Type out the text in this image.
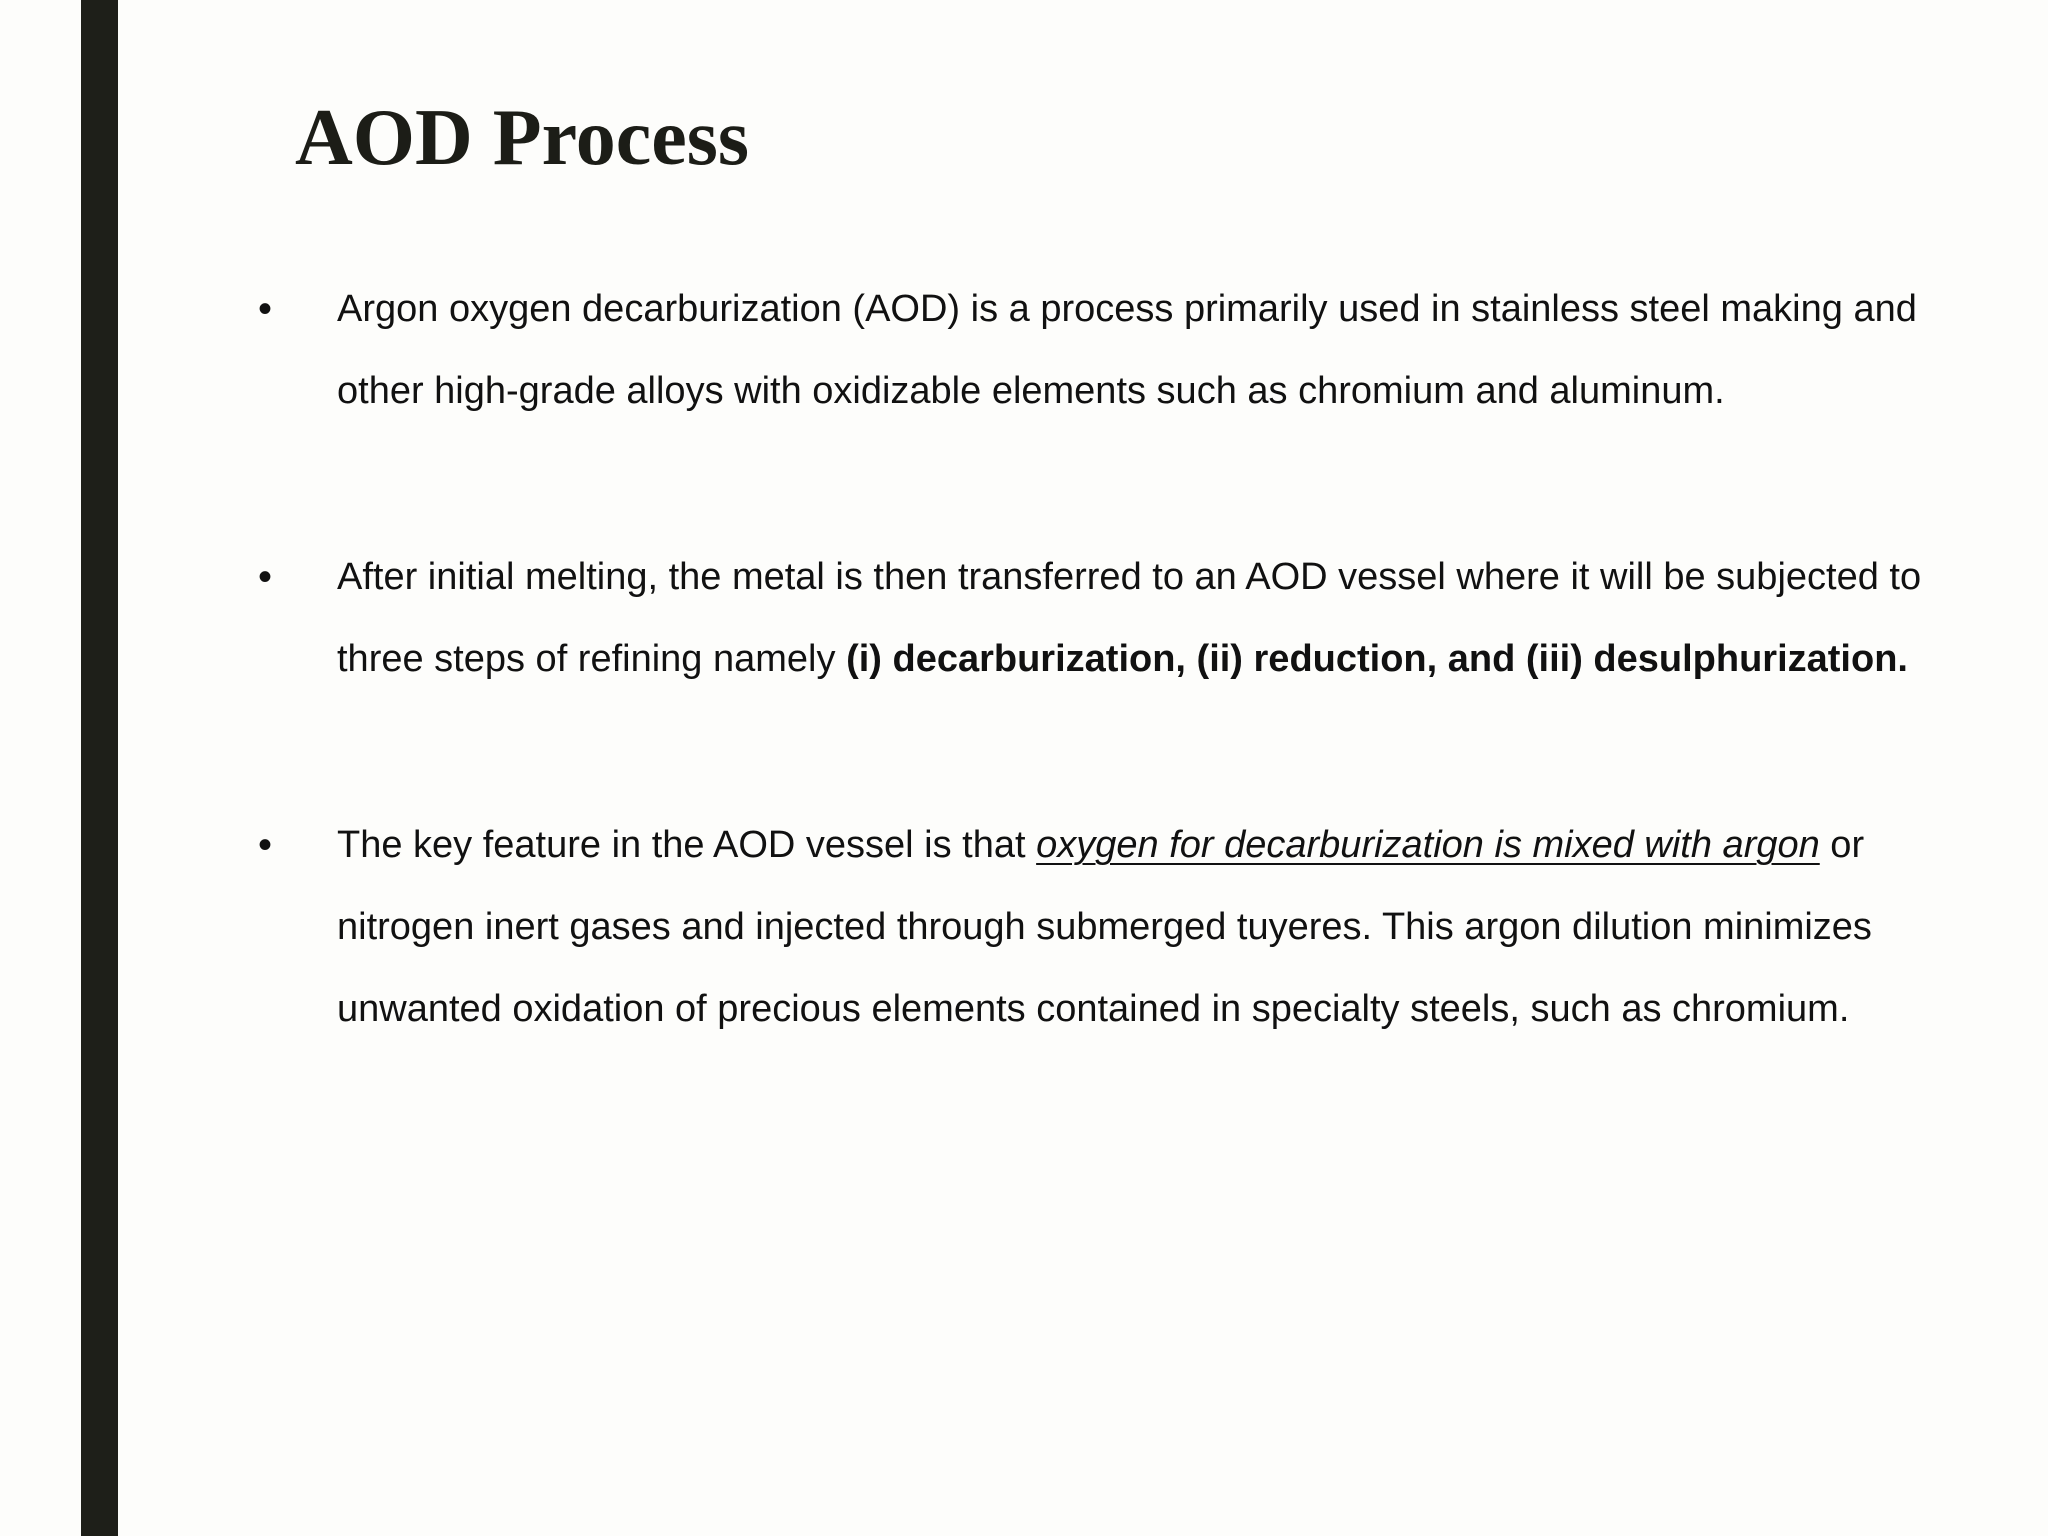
AOD Process
• Argon oxygen decarburization (AOD) is a process primarily used in stainless steel making and other high-grade alloys with oxidizable elements such as chromium and aluminum.

• After initial melting, the metal is then transferred to an AOD vessel where it will be subjected to three steps of refining namely (i) decarburization, (ii) reduction, and (iii) desulphurization.

• The key feature in the AOD vessel is that oxygen for decarburization is mixed with argon or nitrogen inert gases and injected through submerged tuyeres. This argon dilution minimizes unwanted oxidation of precious elements contained in specialty steels, such as chromium.
